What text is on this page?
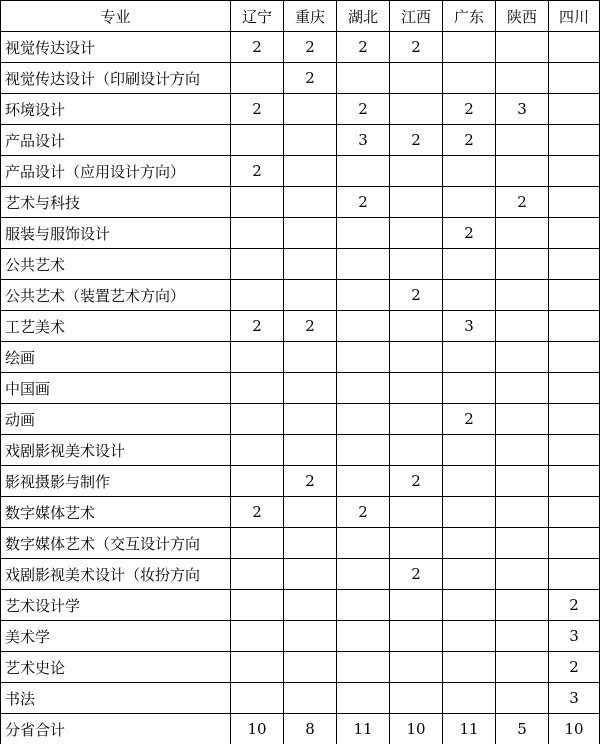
专业	辽宁	重庆	湖北	江西	广东	陕西	四川
视觉传达设计	2	2	2	2			
视觉传达设计（印刷设计方向		2					
环境设计	2		2		2	3	
产品设计			3	2	2		
产品设计（应用设计方向）	2						
艺术与科技			2			2	
服装与服饰设计					2		
公共艺术							
公共艺术（装置艺术方向）				2			
工艺美术	2	2			3		
绘画							
中国画							
动画					2		
戏剧影视美术设计							
影视摄影与制作		2		2			
数字媒体艺术	2		2				
数字媒体艺术（交互设计方向							
戏剧影视美术设计（妆扮方向				2			
艺术设计学							2
美术学							3
艺术史论							2
书法							3
分省合计	10	8	11	10	11	5	10
